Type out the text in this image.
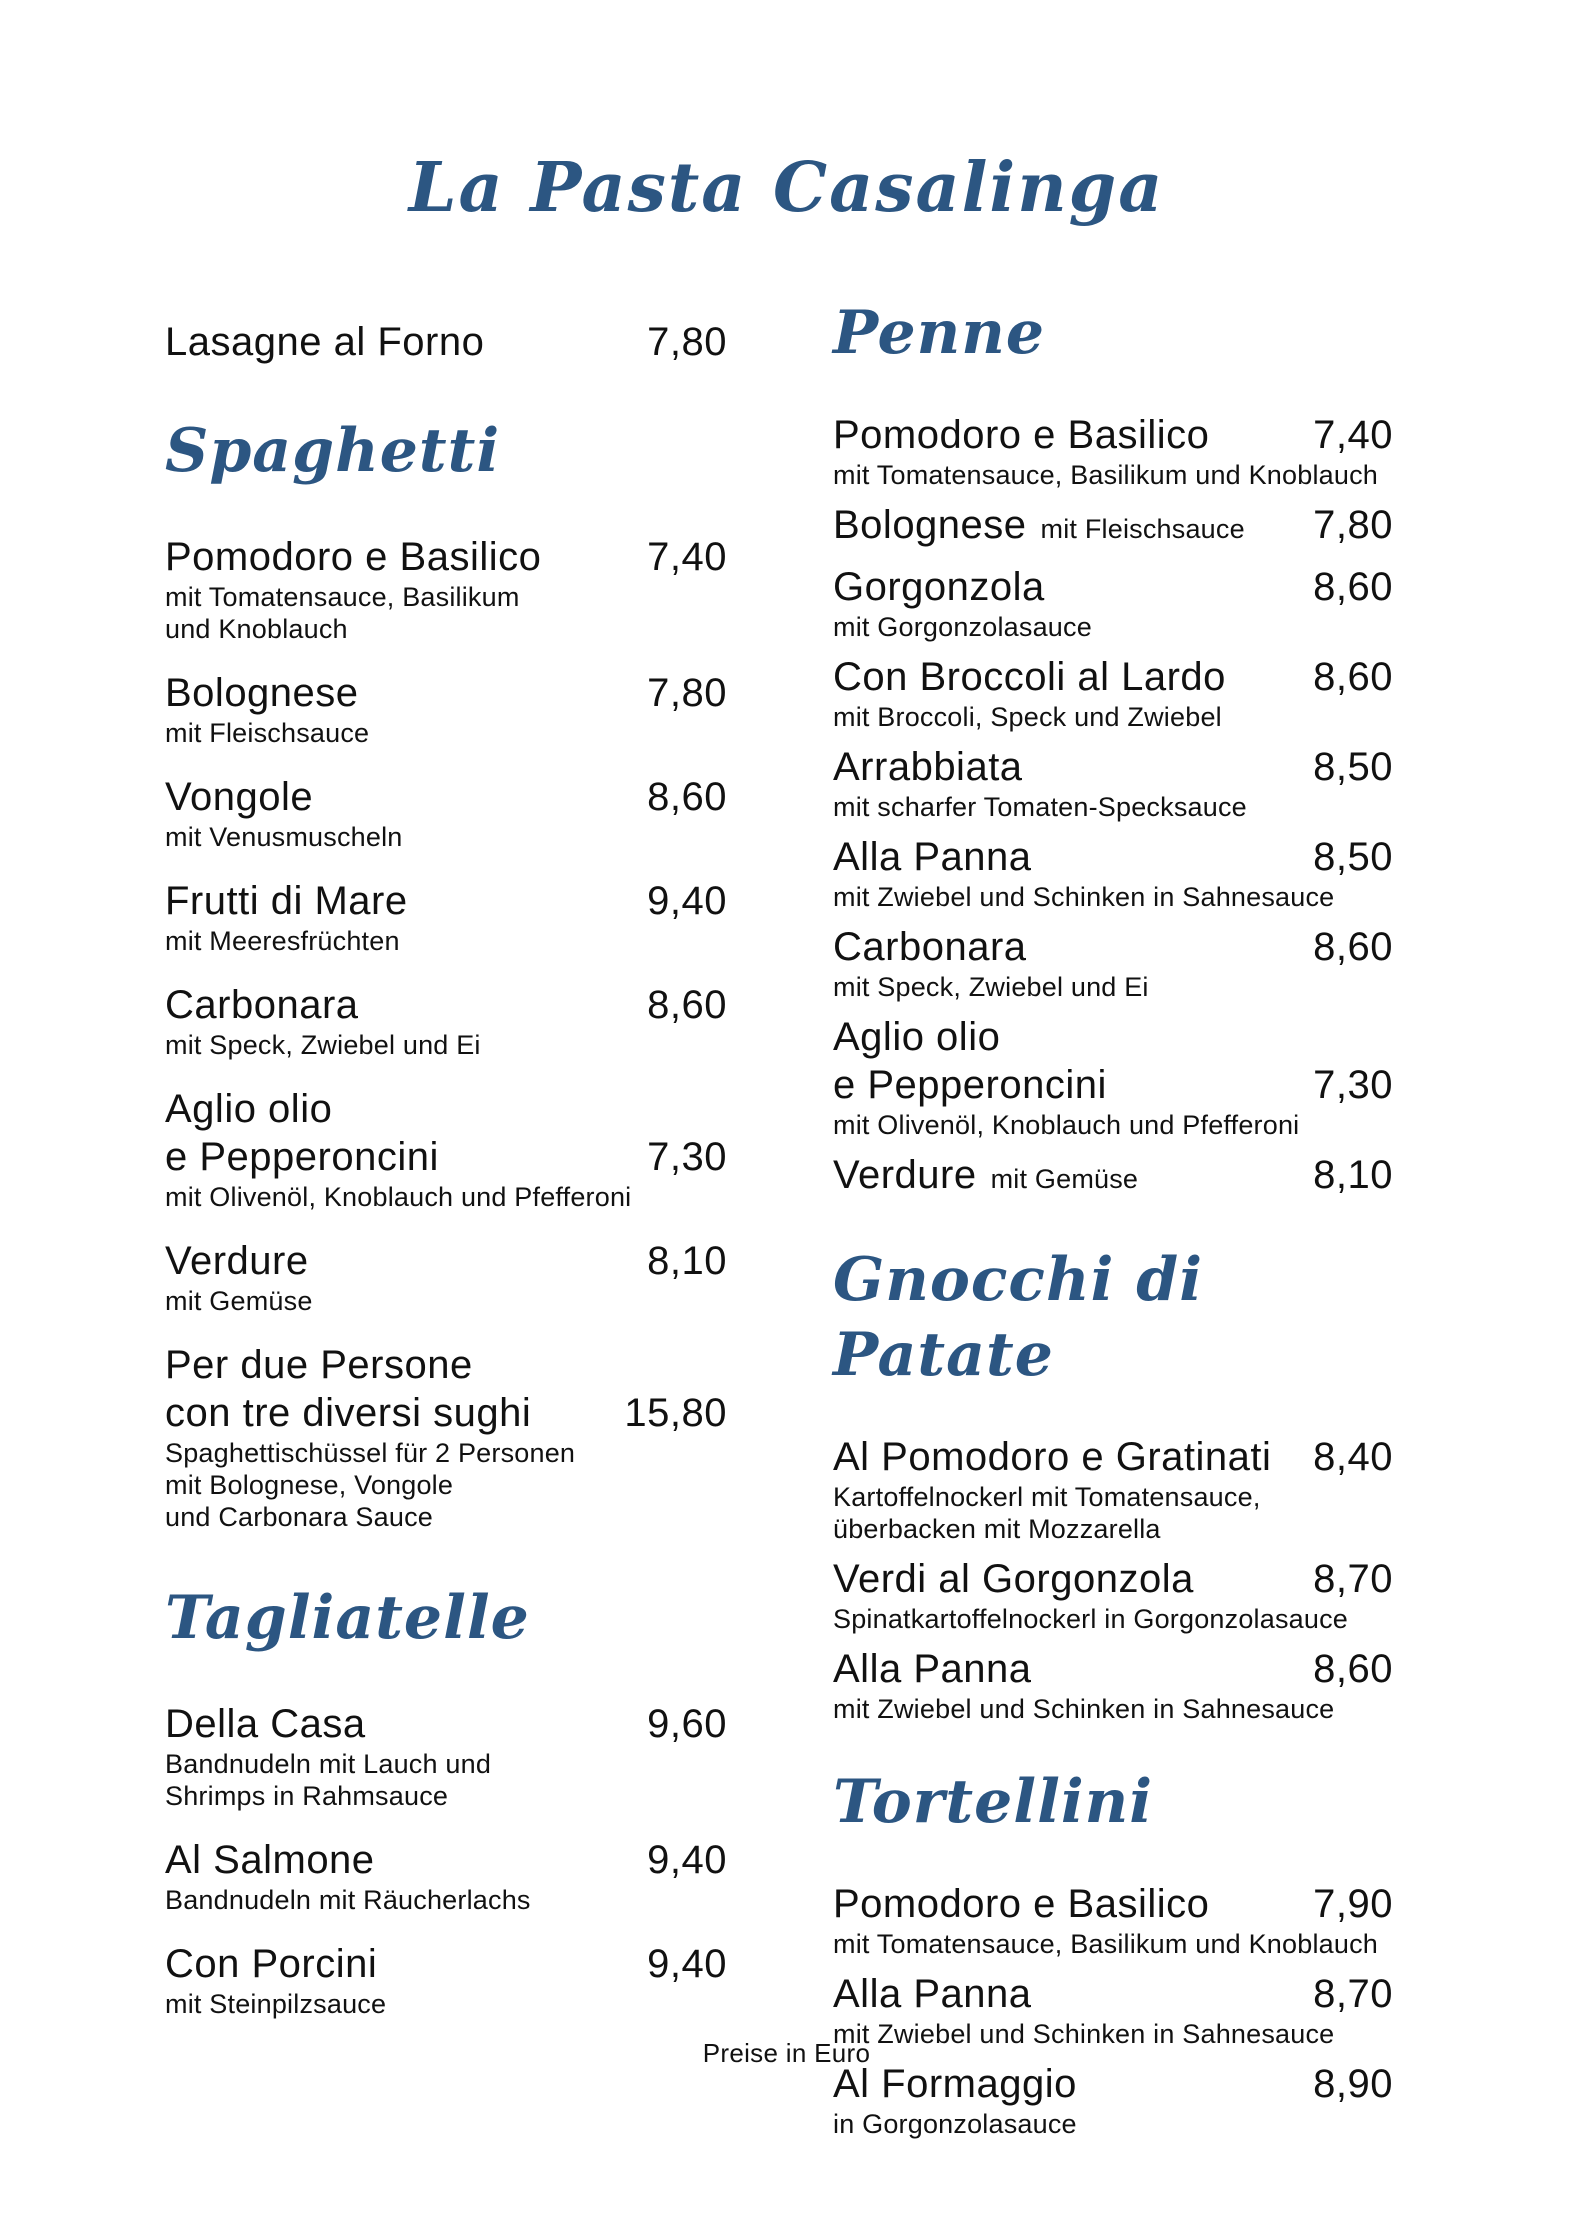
La Pasta Casalinga
Lasagne al Forno	7,80
Spaghetti
Pomodoro e Basilico	7,40
mit Tomatensauce, Basilikum
und Knoblauch
Bolognese	7,80
mit Fleischsauce
Vongole	8,60
mit Venusmuscheln
Frutti di Mare	9,40
mit Meeresfrüchten
Carbonara	8,60
mit Speck, Zwiebel und Ei
Aglio olio
e Pepperoncini	7,30
mit Olivenöl, Knoblauch und Pfefferoni
Verdure	8,10
mit Gemüse
Per due Persone
con tre diversi sughi 15,80
Spaghettischüssel für 2 Personen
mit Bolognese, Vongole
und Carbonara Sauce
Tagliatelle
Della Casa	9,60
Bandnudeln mit Lauch und
Shrimps in Rahmsauce
Al Salmone	9,40
Bandnudeln mit Räucherlachs
Con Porcini	9,40
mit Steinpilzsauce
Penne
Pomodoro e Basilico	7,40
mit Tomatensauce, Basilikum und Knoblauch
Bolognese mit Fleischsauce 7,80
Gorgonzola	8,60
mit Gorgonzolasauce
Con Broccoli al Lardo 8,60
mit Broccoli, Speck und Zwiebel
Arrabbiata	8,50
mit scharfer Tomaten-Specksauce
Alla Panna	8,50
mit Zwiebel und Schinken in Sahnesauce
Carbonara	8,60
mit Speck, Zwiebel und Ei
Aglio olio
e Pepperoncini	7,30
mit Olivenöl, Knoblauch und Pfefferoni
Verdure mit Gemüse	8,10
Gnocchi di Patate
Al Pomodoro e Gratinati 8,40
Kartoffelnockerl mit Tomatensauce,
überbacken mit Mozzarella
Verdi al Gorgonzola	8,70
Spinatkartoffelnockerl in Gorgonzolasauce
Alla Panna	8,60
mit Zwiebel und Schinken in Sahnesauce
Tortellini
Pomodoro e Basilico	7,90
mit Tomatensauce, Basilikum und Knoblauch
Alla Panna	8,70
mit Zwiebel und Schinken in Sahnesauce
Al Formaggio	8,90
in Gorgonzolasauce
Preise in Euro
